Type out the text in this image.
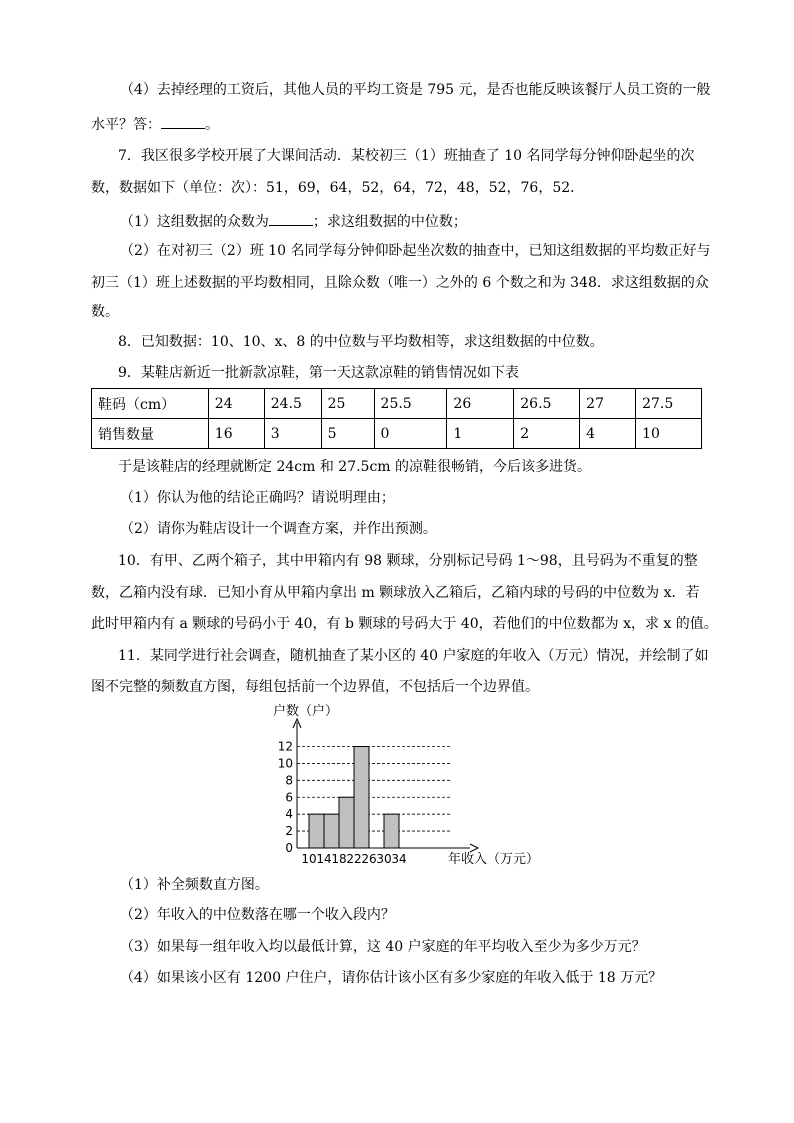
（4）去掉经理的工资后，其他人员的平均工资是 795 元，是否也能反映该餐厅人员工资的一般
水平？答：	。
7．我区很多学校开展了大课间活动．某校初三（1）班抽查了 10 名同学每分钟仰卧起坐的次
数，数据如下（单位：次）：51，69，64，52，64，72，48，52，76，52．
（1）这组数据的众数为	；求这组数据的中位数；
（2）在对初三（2）班 10 名同学每分钟仰卧起坐次数的抽查中，已知这组数据的平均数正好与
初三（1）班上述数据的平均数相同，且除众数（唯一）之外的 6 个数之和为 348．求这组数据的众
数。
8．已知数据：10、10、x、8 的中位数与平均数相等，求这组数据的中位数。
9．某鞋店新近一批新款凉鞋，第一天这款凉鞋的销售情况如下表
鞋码（cm）	24	24.5	25	25.5	26	26.5	27	27.5
销售数量	16	3	5	0	1	2	4	10
于是该鞋店的经理就断定 24cm 和 27.5cm 的凉鞋很畅销，今后该多进货。
（1）你认为他的结论正确吗？请说明理由；
（2）请你为鞋店设计一个调查方案，并作出预测。
10．有甲、乙两个箱子，其中甲箱内有 98 颗球，分别标记号码 1～98，且号码为不重复的整
数，乙箱内没有球．已知小育从甲箱内拿出 m 颗球放入乙箱后，乙箱内球的号码的中位数为 x．若
此时甲箱内有 a 颗球的号码小于 40，有 b 颗球的号码大于 40，若他们的中位数都为 x，求 x 的值。
11．某同学进行社会调查，随机抽查了某小区的 40 户家庭的年收入（万元）情况，并绘制了如
图不完整的频数直方图，每组包括前一个边界值，不包括后一个边界值。
0
2
4
6
8
10
12
10 14 18 22 26 30 34
户数（户）
年收入（万元）
（1）补全频数直方图。
（2）年收入的中位数落在哪一个收入段内？
（3）如果每一组年收入均以最低计算，这 40 户家庭的年平均收入至少为多少万元？
（4）如果该小区有 1200 户住户，请你估计该小区有多少家庭的年收入低于 18 万元？
